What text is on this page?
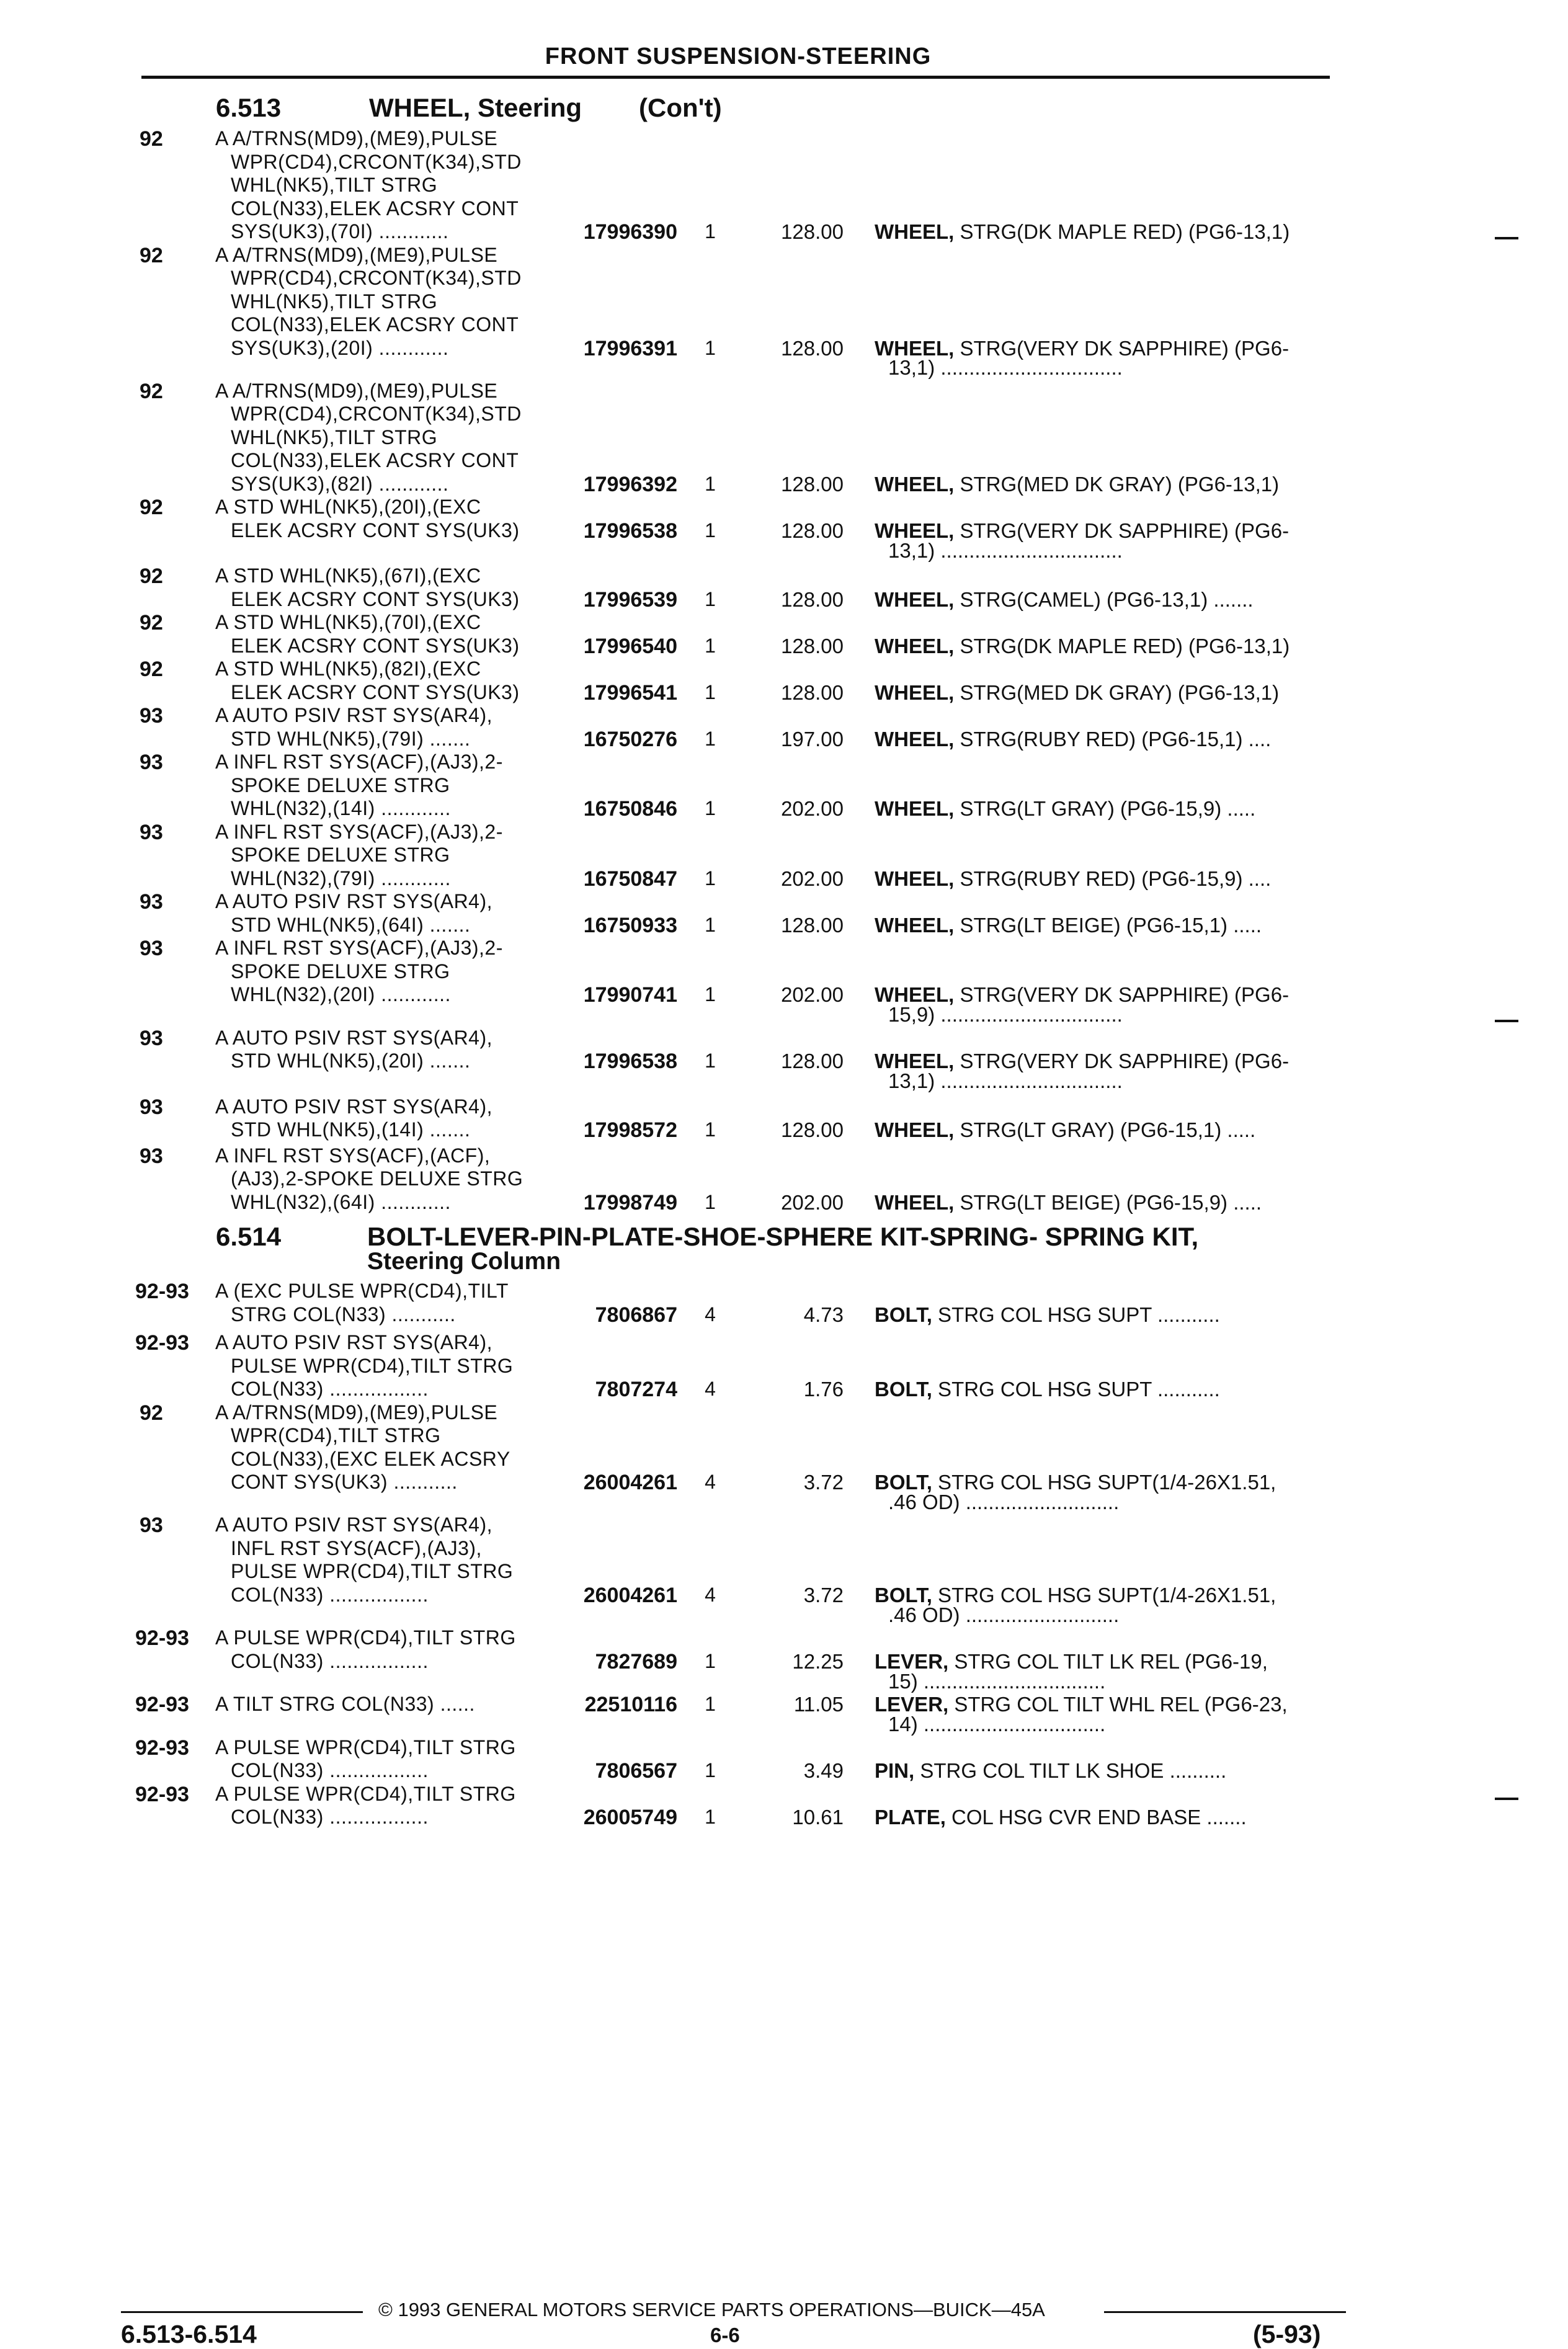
FRONT SUSPENSION-STEERING
6.513	WHEEL, Steering (Con't)
6.514	BOLT-LEVER-PIN-PLATE-SHOE-SPHERE KIT-SPRING- SPRING KIT,
Steering Column
92	A A/TRNS(MD9),(ME9),PULSE
WPR(CD4),CRCONT(K34),STD
WHL(NK5),TILT STRG
COL(N33),ELEK ACSRY CONT
SYS(UK3),(70I) ............	17996390	1	128.00 WHEEL, STRG(DK MAPLE RED) (PG6-13,1)
92	A A/TRNS(MD9),(ME9),PULSE
WPR(CD4),CRCONT(K34),STD
WHL(NK5),TILT STRG
COL(N33),ELEK ACSRY CONT
SYS(UK3),(20I) ............	17996391	1	128.00 WHEEL, STRG(VERY DK SAPPHIRE) (PG6-
13,1) ................................
92	A A/TRNS(MD9),(ME9),PULSE
WPR(CD4),CRCONT(K34),STD
WHL(NK5),TILT STRG
COL(N33),ELEK ACSRY CONT
SYS(UK3),(82I) ............	17996392	1	128.00 WHEEL, STRG(MED DK GRAY) (PG6-13,1)
92	A STD WHL(NK5),(20I),(EXC
ELEK ACSRY CONT SYS(UK3)	17996538	1	128.00 WHEEL, STRG(VERY DK SAPPHIRE) (PG6-
13,1) ................................
92	A STD WHL(NK5),(67I),(EXC
ELEK ACSRY CONT SYS(UK3)	17996539	1	128.00 WHEEL, STRG(CAMEL) (PG6-13,1) .......
92	A STD WHL(NK5),(70I),(EXC
ELEK ACSRY CONT SYS(UK3)	17996540	1	128.00 WHEEL, STRG(DK MAPLE RED) (PG6-13,1)
92	A STD WHL(NK5),(82I),(EXC
ELEK ACSRY CONT SYS(UK3)	17996541	1	128.00 WHEEL, STRG(MED DK GRAY) (PG6-13,1)
93	A AUTO PSIV RST SYS(AR4),
STD WHL(NK5),(79I) .......	16750276	1	197.00 WHEEL, STRG(RUBY RED) (PG6-15,1) ....
93	A INFL RST SYS(ACF),(AJ3),2-
SPOKE DELUXE STRG
WHL(N32),(14I) ............	16750846	1	202.00 WHEEL, STRG(LT GRAY) (PG6-15,9) .....
93	A INFL RST SYS(ACF),(AJ3),2-
SPOKE DELUXE STRG
WHL(N32),(79I) ............	16750847	1	202.00 WHEEL, STRG(RUBY RED) (PG6-15,9) ....
93	A AUTO PSIV RST SYS(AR4),
STD WHL(NK5),(64I) .......	16750933	1	128.00 WHEEL, STRG(LT BEIGE) (PG6-15,1) .....
93	A INFL RST SYS(ACF),(AJ3),2-
SPOKE DELUXE STRG
WHL(N32),(20I) ............	17990741	1	202.00 WHEEL, STRG(VERY DK SAPPHIRE) (PG6-
15,9) ................................
93	A AUTO PSIV RST SYS(AR4),
STD WHL(NK5),(20I) .......	17996538	1	128.00 WHEEL, STRG(VERY DK SAPPHIRE) (PG6-
13,1) ................................
93	A AUTO PSIV RST SYS(AR4),
STD WHL(NK5),(14I) .......	17998572	1	128.00 WHEEL, STRG(LT GRAY) (PG6-15,1) .....
93	A INFL RST SYS(ACF),(ACF),
(AJ3),2-SPOKE DELUXE STRG
WHL(N32),(64I) ............	17998749	1	202.00 WHEEL, STRG(LT BEIGE) (PG6-15,9) .....
92-93	A (EXC PULSE WPR(CD4),TILT
STRG COL(N33) ...........	7806867	4	4.73 BOLT, STRG COL HSG SUPT ...........
92-93	A AUTO PSIV RST SYS(AR4),
PULSE WPR(CD4),TILT STRG
COL(N33) .................	7807274	4	1.76 BOLT, STRG COL HSG SUPT ...........
92	A A/TRNS(MD9),(ME9),PULSE
WPR(CD4),TILT STRG
COL(N33),(EXC ELEK ACSRY
CONT SYS(UK3) ...........	26004261	4	3.72 BOLT, STRG COL HSG SUPT(1/4-26X1.51,
.46 OD) ...........................
93	A AUTO PSIV RST SYS(AR4),
INFL RST SYS(ACF),(AJ3),
PULSE WPR(CD4),TILT STRG
COL(N33) .................	26004261	4	3.72 BOLT, STRG COL HSG SUPT(1/4-26X1.51,
.46 OD) ...........................
92-93	A PULSE WPR(CD4),TILT STRG
COL(N33) .................	7827689	1	12.25 LEVER, STRG COL TILT LK REL (PG6-19,
15) ................................
92-93	A TILT STRG COL(N33) ......	22510116	1	11.05 LEVER, STRG COL TILT WHL REL (PG6-23,
14) ................................
92-93	A PULSE WPR(CD4),TILT STRG
COL(N33) .................	7806567	1	3.49 PIN, STRG COL TILT LK SHOE ..........
92-93	A PULSE WPR(CD4),TILT STRG
COL(N33) .................	26005749	1	10.61 PLATE, COL HSG CVR END BASE .......
© 1993 GENERAL MOTORS SERVICE PARTS OPERATIONS—BUICK—45A
6.513-6.514	6-6	(5-93)
